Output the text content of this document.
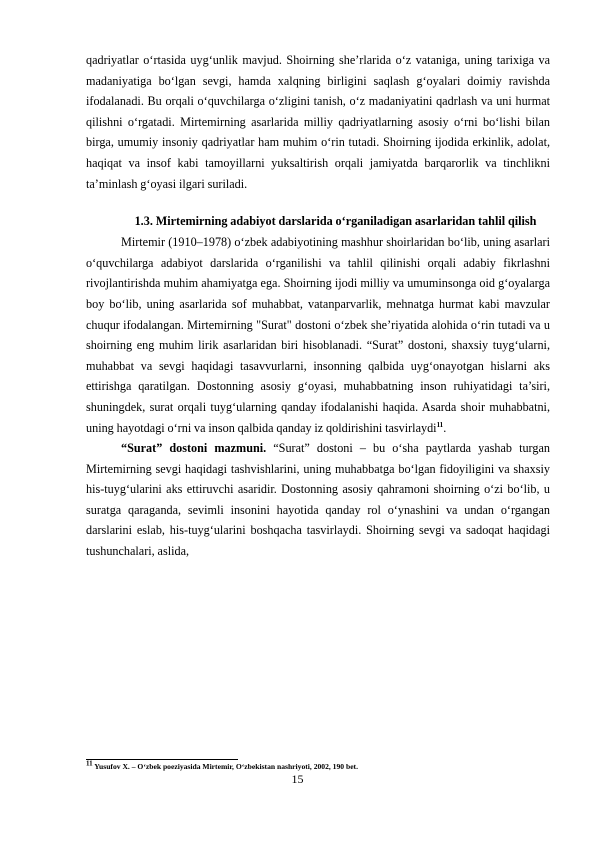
qadriyatlar o‘rtasida uyg‘unlik mavjud. Shoirning she’rlarida o‘z vataniga, uning tarixiga va madaniyatiga bo‘lgan sevgi, hamda xalqning birligini saqlash g‘oyalari doimiy ravishda ifodalanadi. Bu orqali o‘quvchilarga o‘zligini tanish, o‘z madaniyatini qadrlash va uni hurmat qilishni o‘rgatadi. Mirtemirning asarlarida milliy qadriyatlarning asosiy o‘rni bo‘lishi bilan birga, umumiy insoniy qadriyatlar ham muhim o‘rin tutadi. Shoirning ijodida erkinlik, adolat, haqiqat va insof kabi tamoyillarni yuksaltirish orqali jamiyatda barqarorlik va tinchlikni ta’minlash g‘oyasi ilgari suriladi.

1.3. Mirtemirning adabiyot darslarida o‘rganiladigan asarlaridan tahlil qilish

Mirtemir (1910–1978) o‘zbek adabiyotining mashhur shoirlaridan bo‘lib, uning asarlari o‘quvchilarga adabiyot darslarida o‘rganilishi va tahlil qilinishi orqali adabiy fikrlashni rivojlantirishda muhim ahamiyatga ega. Shoirning ijodi milliy va umuminsonga oid g‘oyalarga boy bo‘lib, uning asarlarida sof muhabbat, vatanparvarlik, mehnatga hurmat kabi mavzular chuqur ifodalangan. Mirtemirning "Surat" dostoni o‘zbek she’riyatida alohida o‘rin tutadi va u shoirning eng muhim lirik asarlaridan biri hisoblanadi. “Surat” dostoni, shaxsiy tuyg‘ularni, muhabbat va sevgi haqidagi tasavvurlarni, insonning qalbida uyg‘onayotgan hislarni aks ettirishga qaratilgan. Dostonning asosiy g‘oyasi, muhabbatning inson ruhiyatidagi ta’siri, shuningdek, surat orqali tuyg‘ularning qanday ifodalanishi haqida. Asarda shoir muhabbatni, uning hayotdagi o‘rni va inson qalbida qanday iz qoldirishini tasvirlaydi$^{11}$.

“Surat” dostoni mazmuni. “Surat” dostoni – bu o‘sha paytlarda yashab turgan Mirtemirning sevgi haqidagi tashvishlarini, uning muhabbatga bo‘lgan fidoyiligini va shaxsiy his-tuyg‘ularini aks ettiruvchi asaridir. Dostonning asosiy qahramoni shoirning o‘zi bo‘lib, u suratga qaraganda, sevimli insonini hayotida qanday rol o‘ynashini va undan o‘rgangan darslarini eslab, his-tuyg‘ularini boshqacha tasvirlaydi. Shoirning sevgi va sadoqat haqidagi tushunchalari, aslida,

$^{11}$ Yusufov X. – O‘zbek poeziyasida Mirtemir, O‘zbekistan nashriyoti, 2002, 190 bet.
15
